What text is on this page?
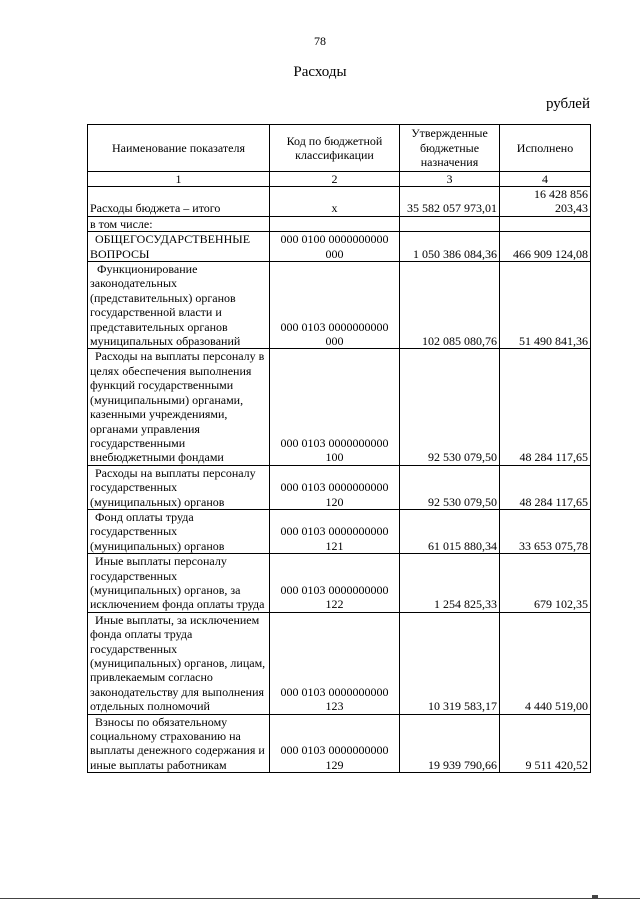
78
Расходы
рублей
Наименование показателя	Код по бюджетной классификации	Утвержденные бюджетные назначения	Исполнено
1	2	3	4
Расходы бюджета – итого	x	35 582 057 973,01	16 428 856 203,43

в том числе:			
ОБЩЕГОСУДАРСТВЕННЫЕ ВОПРОСЫ	000 0100 0000000000 000	1 050 386 084,36	466 909 124,08
Функционирование законодательных (представительных) органов государственной власти и представительных органов муниципальных образований	000 0103 0000000000 000	102 085 080,76	51 490 841,36
Расходы на выплаты персоналу в целях обеспечения выполнения функций государственными (муниципальными) органами, казенными учреждениями, органами управления государственными внебюджетными фондами	000 0103 0000000000 100	92 530 079,50	48 284 117,65
Расходы на выплаты персоналу государственных (муниципальных) органов	000 0103 0000000000 120	92 530 079,50	48 284 117,65
Фонд оплаты труда государственных (муниципальных) органов	000 0103 0000000000 121	61 015 880,34	33 653 075,78
Иные выплаты персоналу государственных (муниципальных) органов, за исключением фонда оплаты труда	000 0103 0000000000 122	1 254 825,33	679 102,35
Иные выплаты, за исключением фонда оплаты труда государственных (муниципальных) органов, лицам, привлекаемым согласно законодательству для выполнения отдельных полномочий	000 0103 0000000000 123	10 319 583,17	4 440 519,00
Взносы по обязательному социальному страхованию на выплаты денежного содержания и иные выплаты работникам	000 0103 0000000000 129	19 939 790,66	9 511 420,52
